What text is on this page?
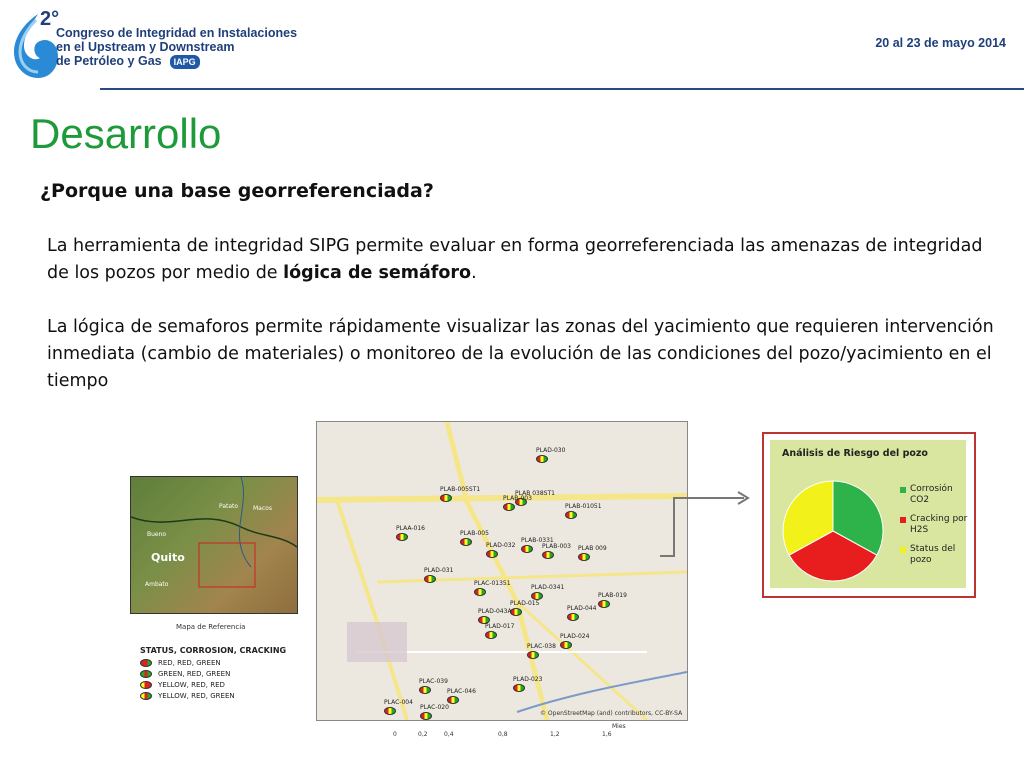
2°
Congreso de Integridad en Instalaciones
en el Upstream y Downstream
de Petróleo y Gas IAPG
20 al 23 de mayo 2014
Desarrollo
¿Porque una base georreferenciada?
La herramienta de integridad SIPG permite evaluar en forma georreferenciada las amenazas de integridad de los pozos por medio de lógica de semáforo.
La lógica de semaforos permite rápidamente visualizar las zonas del yacimiento que requieren intervención inmediata (cambio de materiales) o monitoreo de la evolución de las condiciones del pozo/yacimiento en el tiempo
Quito
Bueno
Patato Macos
Ambato
Mapa de Referencia
STATUS, CORROSION, CRACKING
RED, RED, GREEN
GREEN, RED, GREEN
YELLOW, RED, RED
YELLOW, RED, GREEN
PLAD-030
PLAB-005ST1
PLAB 038ST1
PLAB-003
PLAB-01051
PLAA-016
PLAB-005
PLAD-032
PLAB-0331
PLAB-003 PLAB 009
PLAD-031
PLAC-01351
PLAD-0341
PLAB-019
PLAD-015
PLAD-044
PLAD-043A
PLAD-017
PLAD-024
PLAC-038
PLAD-023
PLAC-039
PLAC-046
PLAC-004
PLAC-020
0	0,2	0,4	0,8	1,2	1,6
Mies
© OpenStreetMap (and) contributors, CC-BY-SA
Análisis de Riesgo del pozo
Corrosión CO2
Cracking por H2S
Status del pozo
